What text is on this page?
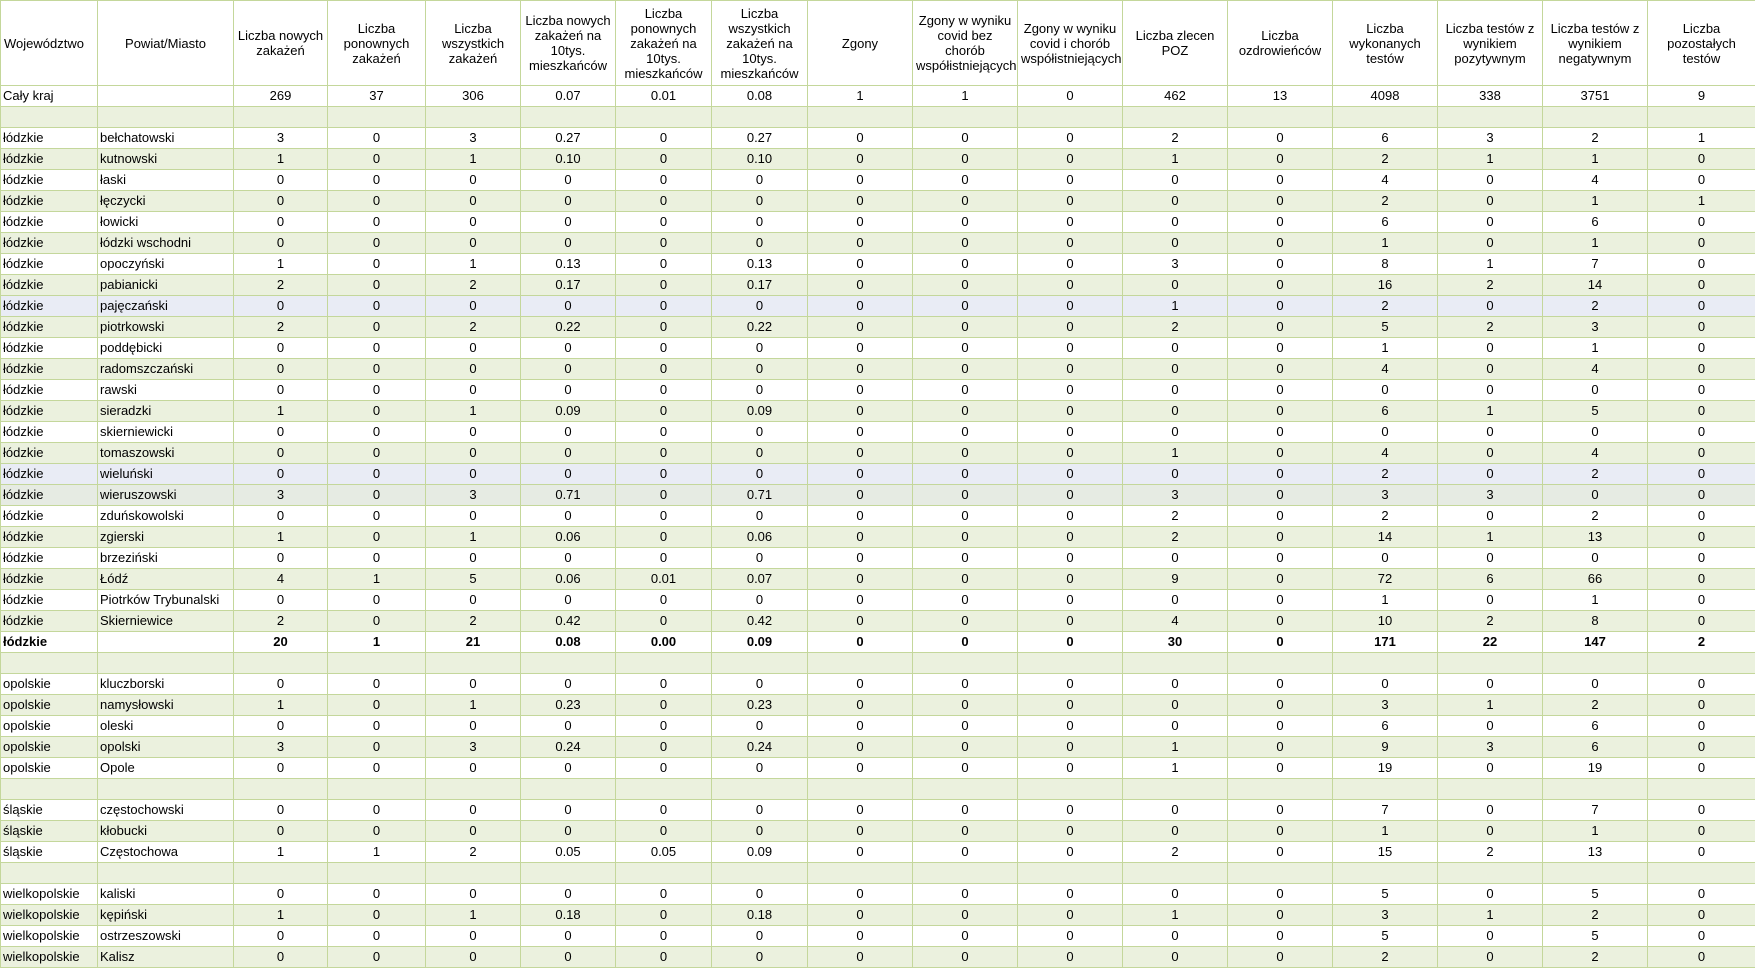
Województwo	Powiat/Miasto	Liczba nowych zakażeń	Liczba ponownych zakażeń	Liczba wszystkich zakażeń	Liczba nowych zakażeń na 10tys. mieszkańców	Liczba ponownych zakażeń na 10tys. mieszkańców	Liczba wszystkich zakażeń na 10tys. mieszkańców	Zgony	Zgony w wyniku covid bez chorób współistniejących	Zgony w wyniku covid i chorób współistniejących	Liczba zlecen POZ	Liczba ozdrowieńców	Liczba wykonanych testów	Liczba testów z wynikiem pozytywnym	Liczba testów z wynikiem negatywnym	Liczba pozostałych testów
Cały kraj		269	37	306	0.07	0.01	0.08	1	1	0	462	13	4098	338	3751	9

łódzkie	bełchatowski	3	0	3	0.27	0	0.27	0	0	0	2	0	6	3	2	1
łódzkie	kutnowski	1	0	1	0.10	0	0.10	0	0	0	1	0	2	1	1	0
łódzkie	łaski	0	0	0	0	0	0	0	0	0	0	0	4	0	4	0
łódzkie	łęczycki	0	0	0	0	0	0	0	0	0	0	0	2	0	1	1
łódzkie	łowicki	0	0	0	0	0	0	0	0	0	0	0	6	0	6	0
łódzkie	łódzki wschodni	0	0	0	0	0	0	0	0	0	0	0	1	0	1	0
łódzkie	opoczyński	1	0	1	0.13	0	0.13	0	0	0	3	0	8	1	7	0
łódzkie	pabianicki	2	0	2	0.17	0	0.17	0	0	0	0	0	16	2	14	0
łódzkie	pajęczański	0	0	0	0	0	0	0	0	0	1	0	2	0	2	0
łódzkie	piotrkowski	2	0	2	0.22	0	0.22	0	0	0	2	0	5	2	3	0
łódzkie	poddębicki	0	0	0	0	0	0	0	0	0	0	0	1	0	1	0
łódzkie	radomszczański	0	0	0	0	0	0	0	0	0	0	0	4	0	4	0
łódzkie	rawski	0	0	0	0	0	0	0	0	0	0	0	0	0	0	0
łódzkie	sieradzki	1	0	1	0.09	0	0.09	0	0	0	0	0	6	1	5	0
łódzkie	skierniewicki	0	0	0	0	0	0	0	0	0	0	0	0	0	0	0
łódzkie	tomaszowski	0	0	0	0	0	0	0	0	0	1	0	4	0	4	0
łódzkie	wieluński	0	0	0	0	0	0	0	0	0	0	0	2	0	2	0
łódzkie	wieruszowski	3	0	3	0.71	0	0.71	0	0	0	3	0	3	3	0	0
łódzkie	zduńskowolski	0	0	0	0	0	0	0	0	0	2	0	2	0	2	0
łódzkie	zgierski	1	0	1	0.06	0	0.06	0	0	0	2	0	14	1	13	0
łódzkie	brzeziński	0	0	0	0	0	0	0	0	0	0	0	0	0	0	0
łódzkie	Łódź	4	1	5	0.06	0.01	0.07	0	0	0	9	0	72	6	66	0
łódzkie	Piotrków Trybunalski	0	0	0	0	0	0	0	0	0	0	0	1	0	1	0
łódzkie	Skierniewice	2	0	2	0.42	0	0.42	0	0	0	4	0	10	2	8	0
łódzkie		20	1	21	0.08	0.00	0.09	0	0	0	30	0	171	22	147	2

opolskie	kluczborski	0	0	0	0	0	0	0	0	0	0	0	0	0	0	0
opolskie	namysłowski	1	0	1	0.23	0	0.23	0	0	0	0	0	3	1	2	0
opolskie	oleski	0	0	0	0	0	0	0	0	0	0	0	6	0	6	0
opolskie	opolski	3	0	3	0.24	0	0.24	0	0	0	1	0	9	3	6	0
opolskie	Opole	0	0	0	0	0	0	0	0	0	1	0	19	0	19	0

śląskie	częstochowski	0	0	0	0	0	0	0	0	0	0	0	7	0	7	0
śląskie	kłobucki	0	0	0	0	0	0	0	0	0	0	0	1	0	1	0
śląskie	Częstochowa	1	1	2	0.05	0.05	0.09	0	0	0	2	0	15	2	13	0

wielkopolskie	kaliski	0	0	0	0	0	0	0	0	0	0	0	5	0	5	0
wielkopolskie	kępiński	1	0	1	0.18	0	0.18	0	0	0	1	0	3	1	2	0
wielkopolskie	ostrzeszowski	0	0	0	0	0	0	0	0	0	0	0	5	0	5	0
wielkopolskie	Kalisz	0	0	0	0	0	0	0	0	0	0	0	2	0	2	0
